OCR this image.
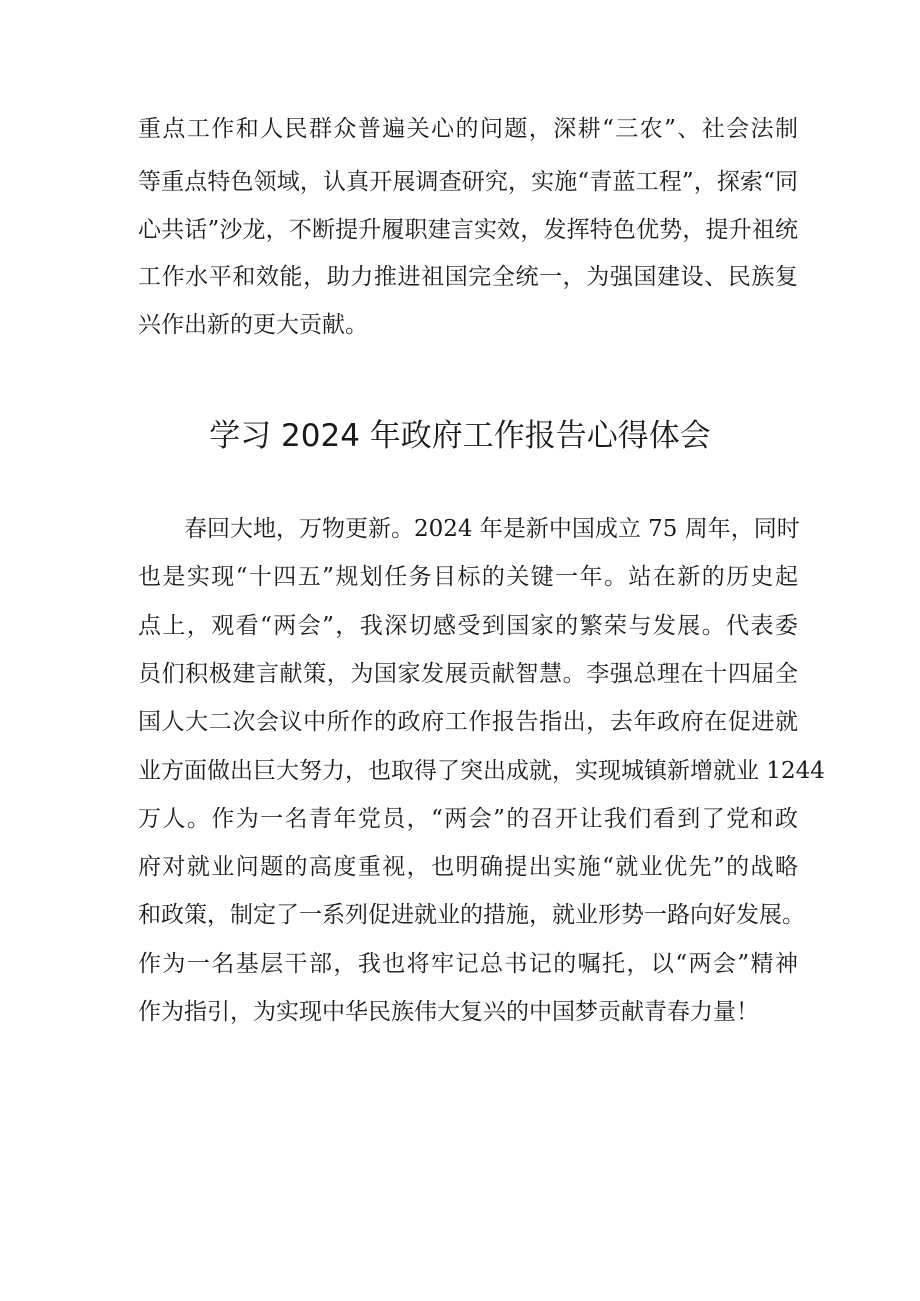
重点工作和人民群众普遍关心的问题，深耕“三农”、社会法制
等重点特色领域，认真开展调查研究，实施“青蓝工程”，探索“同
心共话”沙龙，不断提升履职建言实效，发挥特色优势，提升祖统
工作水平和效能，助力推进祖国完全统一，为强国建设、民族复
兴作出新的更大贡献。
学习 2024 年政府工作报告心得体会
春回大地，万物更新。2024 年是新中国成立 75 周年，同时
也是实现“十四五”规划任务目标的关键一年。站在新的历史起
点上，观看“两会”，我深切感受到国家的繁荣与发展。代表委
员们积极建言献策，为国家发展贡献智慧。李强总理在十四届全
国人大二次会议中所作的政府工作报告指出，去年政府在促进就
业方面做出巨大努力，也取得了突出成就，实现城镇新增就业 1244
万人。作为一名青年党员，“两会”的召开让我们看到了党和政
府对就业问题的高度重视，也明确提出实施“就业优先”的战略
和政策，制定了一系列促进就业的措施，就业形势一路向好发展。
作为一名基层干部，我也将牢记总书记的嘱托，以“两会”精神
作为指引，为实现中华民族伟大复兴的中国梦贡献青春力量！
